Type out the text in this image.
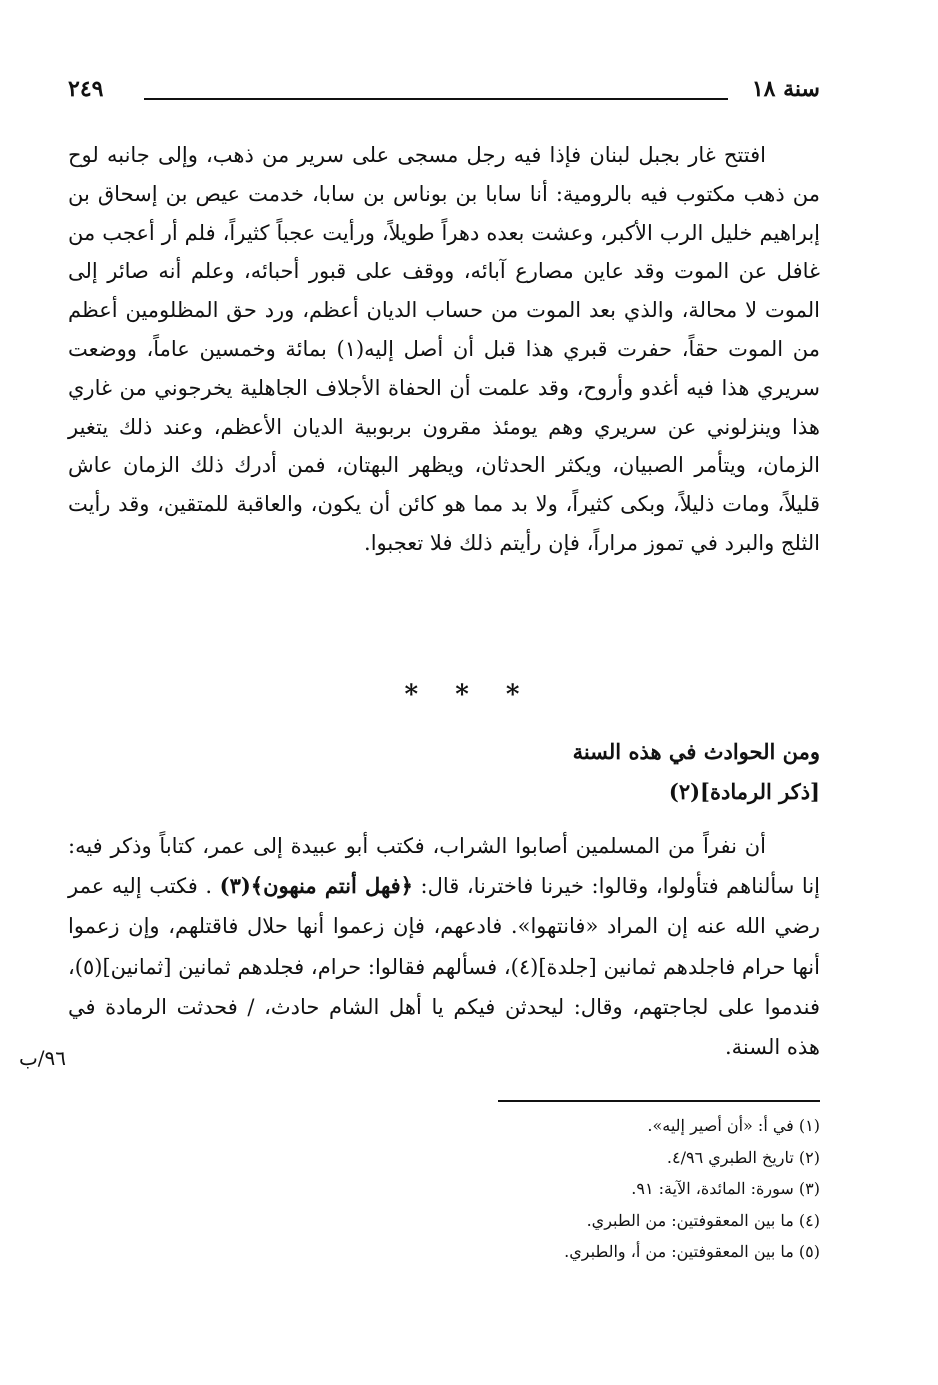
سنة ١٨
٢٤٩

افتتح غار بجبل لبنان فإذا فيه رجل مسجى على سرير من ذهب، وإلى جانبه لوح من ذهب مكتوب فيه بالرومية: أنا سابا بن بوناس بن سابا، خدمت عيص بن إسحاق بن إبراهيم خليل الرب الأكبر، وعشت بعده دهراً طويلاً، ورأيت عجباً كثيراً، فلم أر أعجب من غافل عن الموت وقد عاين مصارع آبائه، ووقف على قبور أحبائه، وعلم أنه صائر إلى الموت لا محالة، والذي بعد الموت من حساب الديان أعظم، ورد حق المظلومين أعظم من الموت حقاً، حفرت قبري هذا قبل أن أصل إليه(١) بمائة وخمسين عاماً، ووضعت سريري هذا فيه أغدو وأروح، وقد علمت أن الحفاة الأجلاف الجاهلية يخرجوني من غاري هذا وينزلوني عن سريري وهم يومئذ مقرون بربوبية الديان الأعظم، وعند ذلك يتغير الزمان، ويتأمر الصبيان، ويكثر الحدثان، ويظهر البهتان، فمن أدرك ذلك الزمان عاش قليلاً، ومات ذليلاً، وبكى كثيراً، ولا بد مما هو كائن أن يكون، والعاقبة للمتقين، وقد رأيت الثلج والبرد في تموز مراراً، فإن رأيتم ذلك فلا تعجبوا.

* * *
ومن الحوادث في هذه السنة
[ذكر الرمادة](٢)

أن نفراً من المسلمين أصابوا الشراب، فكتب أبو عبيدة إلى عمر، كتاباً وذكر فيه: إنا سألناهم فتأولوا، وقالوا: خيرنا فاخترنا، قال: ﴿فهل أنتم منهون﴾(٣) . فكتب إليه عمر رضي الله عنه إن المراد «فانتهوا». فادعهم، فإن زعموا أنها حلال فاقتلهم، وإن زعموا أنها حرام فاجلدهم ثمانين [جلدة](٤)، فسألهم فقالوا: حرام، فجلدهم ثمانين [ثمانين](٥)، فندموا على لجاجتهم، وقال: ليحدثن فيكم يا أهل الشام حادث، / فحدثت الرمادة في هذه السنة.

٩٦/ب
(١) في أ: «أن أصير إليه».
(٢) تاريخ الطبري ٤/٩٦.
(٣) سورة: المائدة، الآية: ٩١.
(٤) ما بين المعقوفتين: من الطبري.
(٥) ما بين المعقوفتين: من أ، والطبري.
